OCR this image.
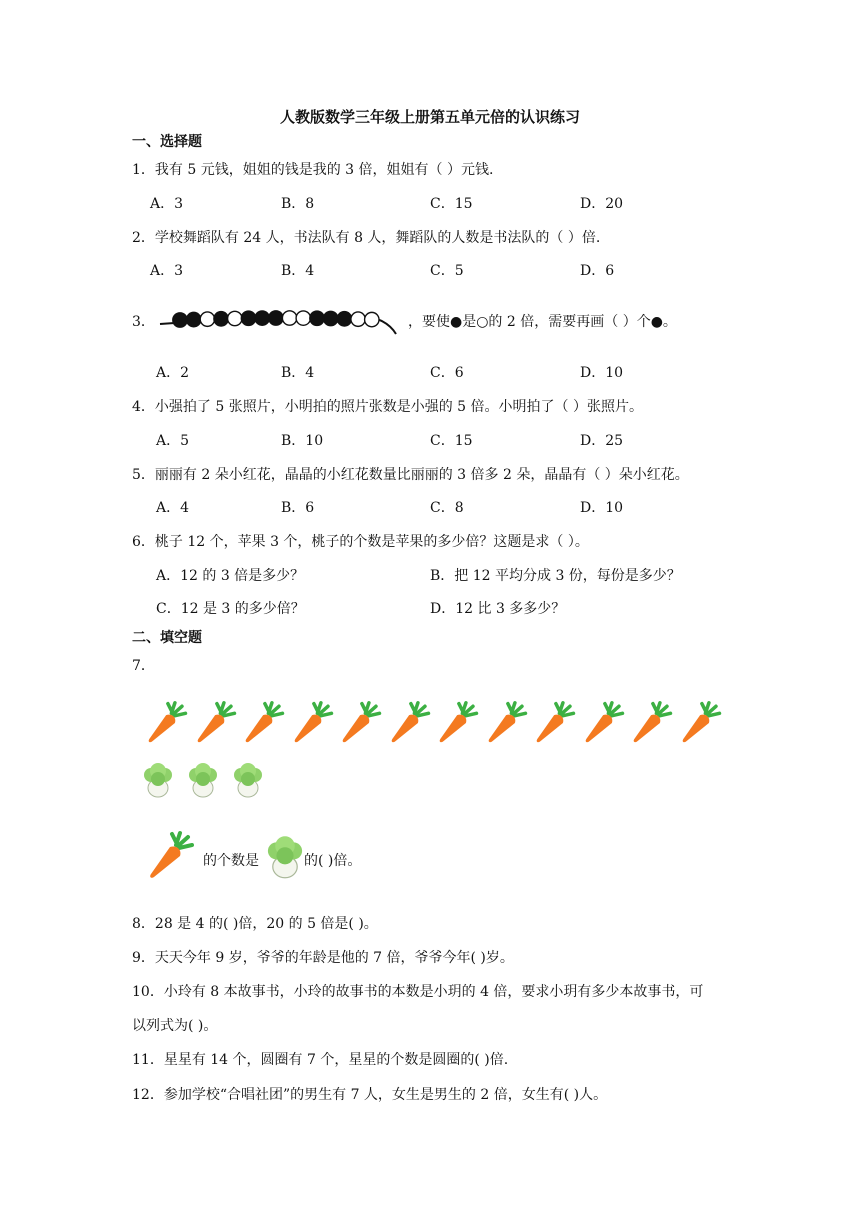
人教版数学三年级上册第五单元倍的认识练习
一、选择题
1．我有 5 元钱，姐姐的钱是我的 3 倍，姐姐有（ ）元钱.
A．3	B．8	C．15	D．20
2．学校舞蹈队有 24 人，书法队有 8 人，舞蹈队的人数是书法队的（ ）倍.
A．3	B．4	C．5	D．6
3．	，要使●是○的 2 倍，需要再画（ ）个●。
A．2	B．4	C．6	D．10
4．小强拍了 5 张照片，小明拍的照片张数是小强的 5 倍。小明拍了（ ）张照片。
A．5	B．10	C．15	D．25
5．丽丽有 2 朵小红花，晶晶的小红花数量比丽丽的 3 倍多 2 朵，晶晶有（ ）朵小红花。
A．4	B．6	C．8	D．10
6．桃子 12 个，苹果 3 个，桃子的个数是苹果的多少倍？这题是求（ ）。
A．12 的 3 倍是多少？	B．把 12 平均分成 3 份，每份是多少？
C．12 是 3 的多少倍？	D．12 比 3 多多少？
二、填空题
7．
的个数是	的( )倍。
8．28 是 4 的( )倍，20 的 5 倍是( )。
9．天天今年 9 岁，爷爷的年龄是他的 7 倍，爷爷今年( )岁。
10．小玲有 8 本故事书，小玲的故事书的本数是小玥的 4 倍，要求小玥有多少本故事书，可
以列式为( )。
11．星星有 14 个，圆圈有 7 个，星星的个数是圆圈的( )倍.
12．参加学校“合唱社团”的男生有 7 人，女生是男生的 2 倍，女生有( )人。
